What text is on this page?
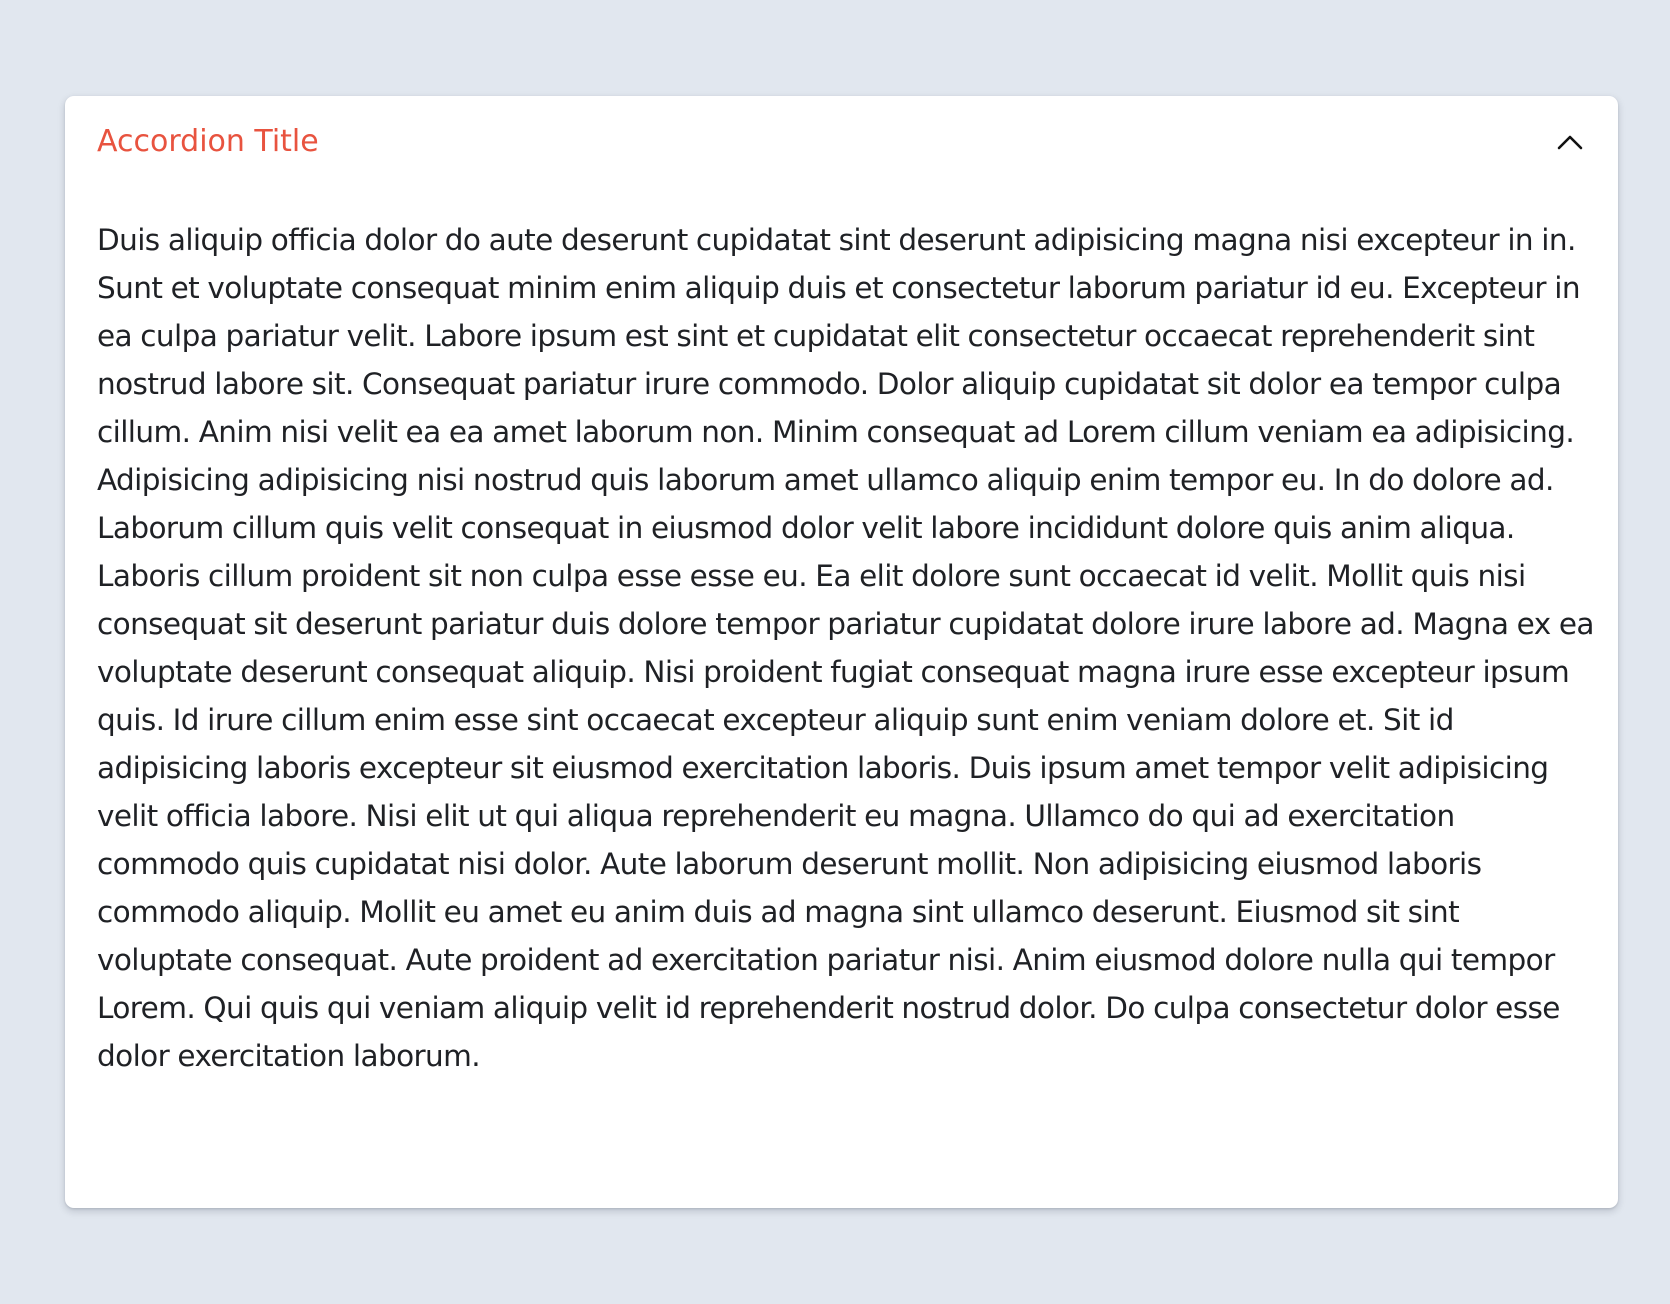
Accordion Title

Duis aliquip officia dolor do aute deserunt cupidatat sint deserunt adipisicing magna nisi excepteur in in. Sunt et voluptate consequat minim enim aliquip duis et consectetur laborum pariatur id eu. Excepteur in ea culpa pariatur velit. Labore ipsum est sint et cupidatat elit consectetur occaecat reprehenderit sint nostrud labore sit. Consequat pariatur irure commodo. Dolor aliquip cupidatat sit dolor ea tempor culpa cillum. Anim nisi velit ea ea amet laborum non. Minim consequat ad Lorem cillum veniam ea adipisicing. Adipisicing adipisicing nisi nostrud quis laborum amet ullamco aliquip enim tempor eu. In do dolore ad. Laborum cillum quis velit consequat in eiusmod dolor velit labore incididunt dolore quis anim aliqua. Laboris cillum proident sit non culpa esse esse eu. Ea elit dolore sunt occaecat id velit. Mollit quis nisi consequat sit deserunt pariatur duis dolore tempor pariatur cupidatat dolore irure labore ad. Magna ex ea voluptate deserunt consequat aliquip. Nisi proident fugiat consequat magna irure esse excepteur ipsum quis. Id irure cillum enim esse sint occaecat excepteur aliquip sunt enim veniam dolore et. Sit id adipisicing laboris excepteur sit eiusmod exercitation laboris. Duis ipsum amet tempor velit adipisicing velit officia labore. Nisi elit ut qui aliqua reprehenderit eu magna. Ullamco do qui ad exercitation commodo quis cupidatat nisi dolor. Aute laborum deserunt mollit. Non adipisicing eiusmod laboris commodo aliquip. Mollit eu amet eu anim duis ad magna sint ullamco deserunt. Eiusmod sit sint voluptate consequat. Aute proident ad exercitation pariatur nisi. Anim eiusmod dolore nulla qui tempor Lorem. Qui quis qui veniam aliquip velit id reprehenderit nostrud dolor. Do culpa consectetur dolor esse dolor exercitation laborum.
